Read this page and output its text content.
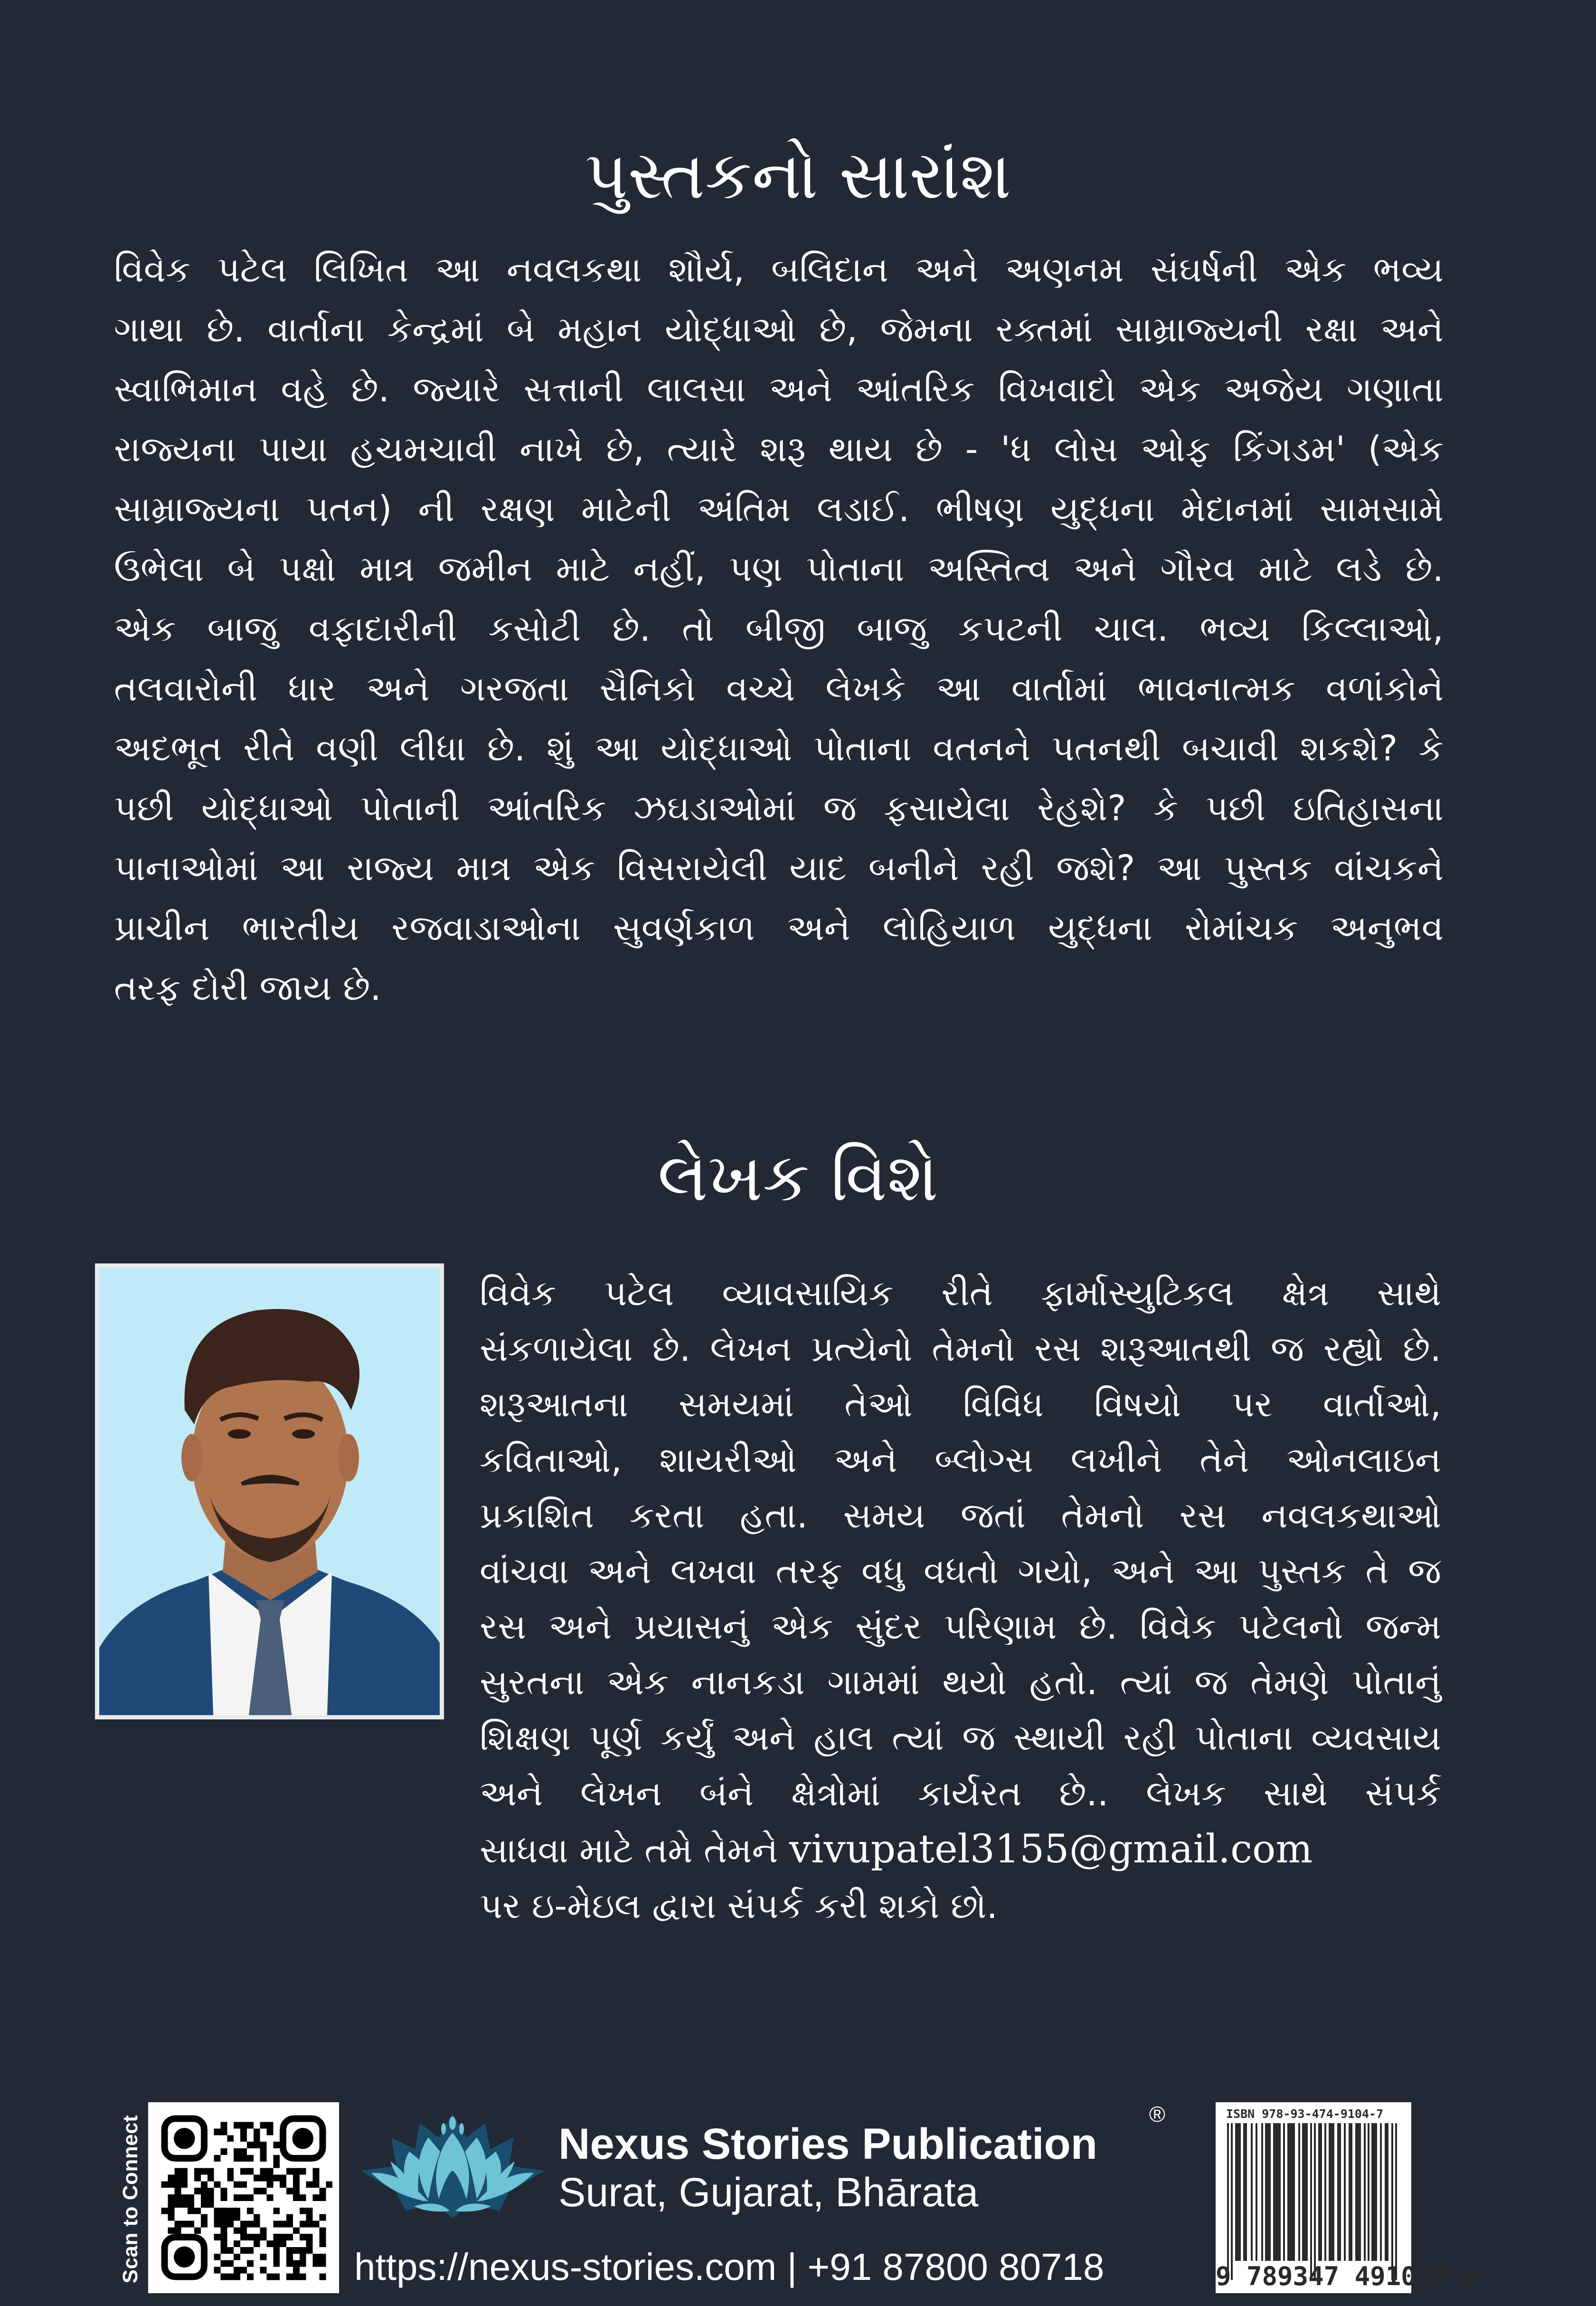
પુસ્તકનો સારાંશ
વિવેક પટેલ લિખિત આ નવલકથા શૌર્ય, બલિદાન અને અણનમ સંઘર્ષની એક ભવ્ય
ગાથા છે. વાર્તાના કેન્દ્રમાં બે મહાન યોદ્ધાઓ છે, જેમના રક્તમાં સામ્રાજ્યની રક્ષા અને
સ્વાભિમાન વહે છે. જ્યારે સત્તાની લાલસા અને આંતરિક વિખવાદો એક અજેય ગણાતા
રાજ્યના પાયા હચમચાવી નાખે છે, ત્યારે શરૂ થાય છે - 'ધ લોસ ઓફ કિંગડમ' (એક
સામ્રાજ્યના પતન) ની રક્ષણ માટેની અંતિમ લડાઈ. ભીષણ યુદ્ધના મેદાનમાં સામસામે
ઉભેલા બે પક્ષો માત્ર જમીન માટે નહીં, પણ પોતાના અસ્તિત્વ અને ગૌરવ માટે લડે છે.
એક બાજુ વફાદારીની કસોટી છે. તો બીજી બાજુ કપટની ચાલ. ભવ્ય કિલ્લાઓ,
તલવારોની ધાર અને ગરજતા સૈનિકો વચ્ચે લેખકે આ વાર્તામાં ભાવનાત્મક વળાંકોને
અદભૂત રીતે વણી લીધા છે. શું આ યોદ્ધાઓ પોતાના વતનને પતનથી બચાવી શકશે? કે
પછી યોદ્ધાઓ પોતાની આંતરિક ઝઘડાઓમાં જ ફસાયેલા રેહશે? કે પછી ઇતિહાસના
પાનાઓમાં આ રાજ્ય માત્ર એક વિસરાયેલી યાદ બનીને રહી જશે? આ પુસ્તક વાંચકને
પ્રાચીન ભારતીય રજવાડાઓના સુવર્ણકાળ અને લોહિયાળ યુદ્ધના રોમાંચક અનુભવ
તરફ દોરી જાય છે.
લેખક વિશે
વિવેક પટેલ વ્યાવસાયિક રીતે ફાર્માસ્યુટિકલ ક્ષેત્ર સાથે
સંકળાયેલા છે. લેખન પ્રત્યેનો તેમનો રસ શરૂઆતથી જ રહ્યો છે.
શરૂઆતના સમયમાં તેઓ વિવિધ વિષયો પર વાર્તાઓ,
કવિતાઓ, શાયરીઓ અને બ્લોગ્સ લખીને તેને ઓનલાઇન
પ્રકાશિત કરતા હતા. સમય જતાં તેમનો રસ નવલકથાઓ
વાંચવા અને લખવા તરફ વધુ વધતો ગયો, અને આ પુસ્તક તે જ
રસ અને પ્રયાસનું એક સુંદર પરિણામ છે. વિવેક પટેલનો જન્મ
સુરતના એક નાનકડા ગામમાં થયો હતો. ત્યાં જ તેમણે પોતાનું
શિક્ષણ પૂર્ણ કર્યું અને હાલ ત્યાં જ સ્થાયી રહી પોતાના વ્યવસાય
અને લેખન બંને ક્ષેત્રોમાં કાર્યરત છે.. લેખક સાથે સંપર્ક
સાધવા માટે તમે તેમને vivupatel3155@gmail.com
પર ઇ-મેઇલ દ્વારા સંપર્ક કરી શકો છો.
Scan to Connect	Nexus Stories Publication
®
Surat, Gujarat, Bhārata
https://nexus-stories.com | +91 87800 80718
ISBN 978-93-474-9104-7
9 789347 491047 >
